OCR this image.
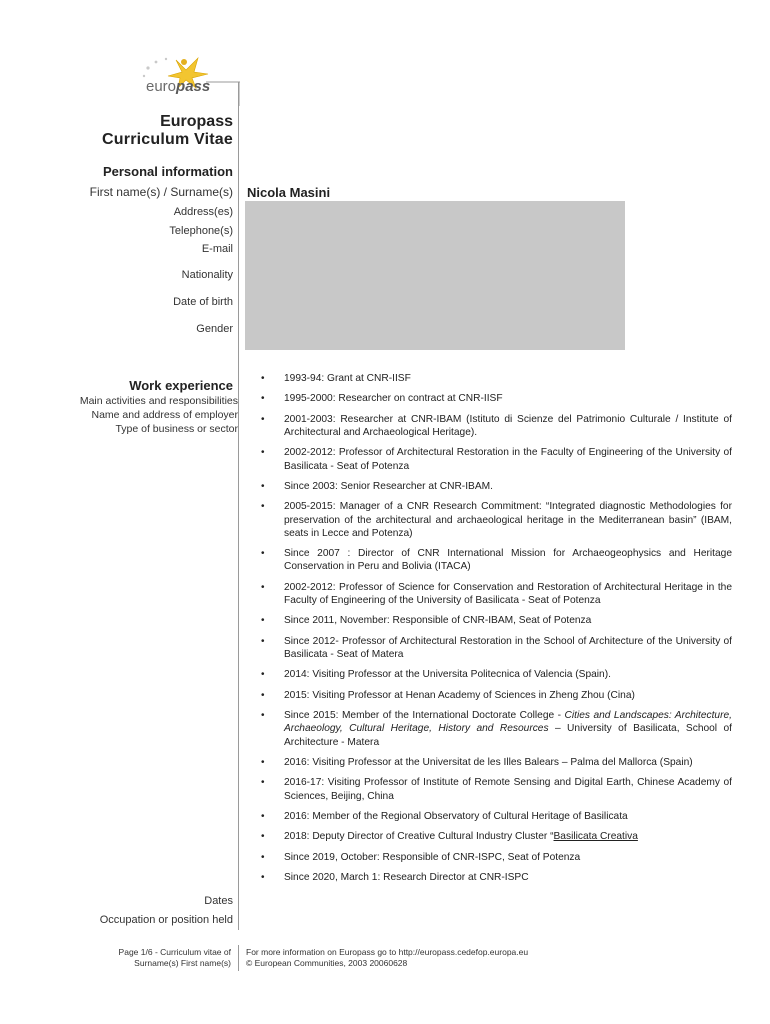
europass
Europass
Curriculum Vitae
Personal information
First name(s) / Surname(s) Nicola Masini
Address(es)
Telephone(s)
E-mail
Nationality
Date of birth
Gender
Work experience
Main activities and responsibilities
Name and address of employer
Type of business or sector
• 1993-94: Grant at CNR-IISF
• 1995-2000: Researcher on contract at CNR-IISF
• 2001-2003: Researcher at CNR-IBAM (Istituto di Scienze del Patrimonio Culturale / Institute of Architectural and Archaeological Heritage).
• 2002-2012: Professor of Architectural Restoration in the Faculty of Engineering of the University of Basilicata - Seat of Potenza
• Since 2003: Senior Researcher at CNR-IBAM.
• 2005-2015: Manager of a CNR Research Commitment: “Integrated diagnostic Methodologies for preservation of the architectural and archaeological heritage in the Mediterranean basin” (IBAM, seats in Lecce and Potenza)
• Since 2007 : Director of CNR International Mission for Archaeogeophysics and Heritage Conservation in Peru and Bolivia (ITACA)
• 2002-2012: Professor of Science for Conservation and Restoration of Architectural Heritage in the Faculty of Engineering of the University of Basilicata - Seat of Potenza
• Since 2011, November: Responsible of CNR-IBAM, Seat of Potenza
• Since 2012- Professor of Architectural Restoration in the School of Architecture of the University of Basilicata - Seat of Matera
• 2014: Visiting Professor at the Universita Politecnica of Valencia (Spain).
• 2015: Visiting Professor at Henan Academy of Sciences in Zheng Zhou (Cina)
• Since 2015: Member of the International Doctorate College - Cities and Landscapes: Architecture, Archaeology, Cultural Heritage, History and Resources – University of Basilicata, School of Architecture - Matera
• 2016: Visiting Professor at the Universitat de les Illes Balears – Palma del Mallorca (Spain)
• 2016-17: Visiting Professor of Institute of Remote Sensing and Digital Earth, Chinese Academy of Sciences, Beijing, China
• 2016: Member of the Regional Observatory of Cultural Heritage of Basilicata
• 2018: Deputy Director of Creative Cultural Industry Cluster “Basilicata Creativa
• Since 2019, October: Responsible of CNR-ISPC, Seat of Potenza
• Since 2020, March 1: Research Director at CNR-ISPC
Dates
Occupation or position held
Page 1/6 - Curriculum vitae of
Surname(s) First name(s)
For more information on Europass go to http://europass.cedefop.europa.eu
© European Communities, 2003 20060628
